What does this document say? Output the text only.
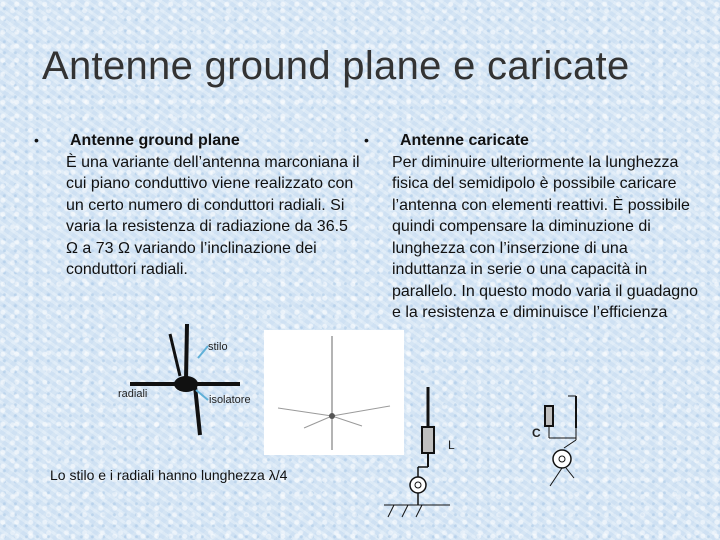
Antenne ground plane e caricate
• Antenne ground plane

È una variante dell’antenna marconiana il cui piano conduttivo viene realizzato con un certo numero di conduttori radiali. Si varia la resistenza di radiazione da 36.5 Ω a 73 Ω variando l’inclinazione dei conduttori radiali.

• Antenne caricate

Per diminuire ulteriormente la lunghezza fisica del semidipolo è possibile caricare l’antenna con elementi reattivi. È possibile quindi compensare la diminuzione di lunghezza con l’inserzione di una induttanza in serie o una capacità in parallelo. In questo modo varia il guadagno e la resistenza e diminuisce l’efficienza

stilo
radiali	isolatore
L
C
Lo stilo e i radiali hanno lunghezza λ/4
